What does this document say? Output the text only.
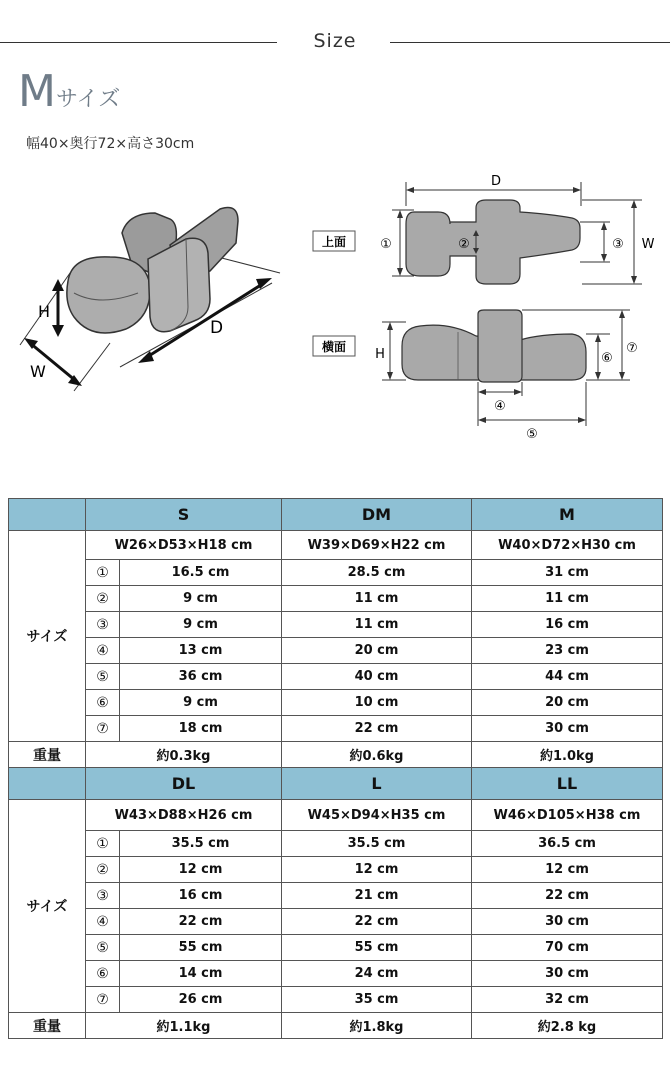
Size
Mサイズ
幅40×奥行72×高さ30cm
H
W
D
上面
D
①	②	③ W
横面 H	⑥
⑦
④
⑤
	S		DM	M
サイズ	W26×D53×H18 cm		W39×D69×H22 cm	W40×D72×H30 cm
	①	16.5 cm	28.5 cm	31 cm
	②	9 cm	11 cm	11 cm
	③	9 cm	11 cm	16 cm
	④	13 cm	20 cm	23 cm
	⑤	36 cm	40 cm	44 cm
	⑥	9 cm	10 cm	20 cm
	⑦	18 cm	22 cm	30 cm
重量	約0.3kg		約0.6kg	約1.0kg
	DL		L	LL
サイズ	W43×D88×H26 cm		W45×D94×H35 cm	W46×D105×H38 cm
	①	35.5 cm	35.5 cm	36.5 cm
	②	12 cm	12 cm	12 cm
	③	16 cm	21 cm	22 cm
	④	22 cm	22 cm	30 cm
	⑤	55 cm	55 cm	70 cm
	⑥	14 cm	24 cm	30 cm
	⑦	26 cm	35 cm	32 cm
重量	約1.1kg		約1.8kg	約2.8 kg
